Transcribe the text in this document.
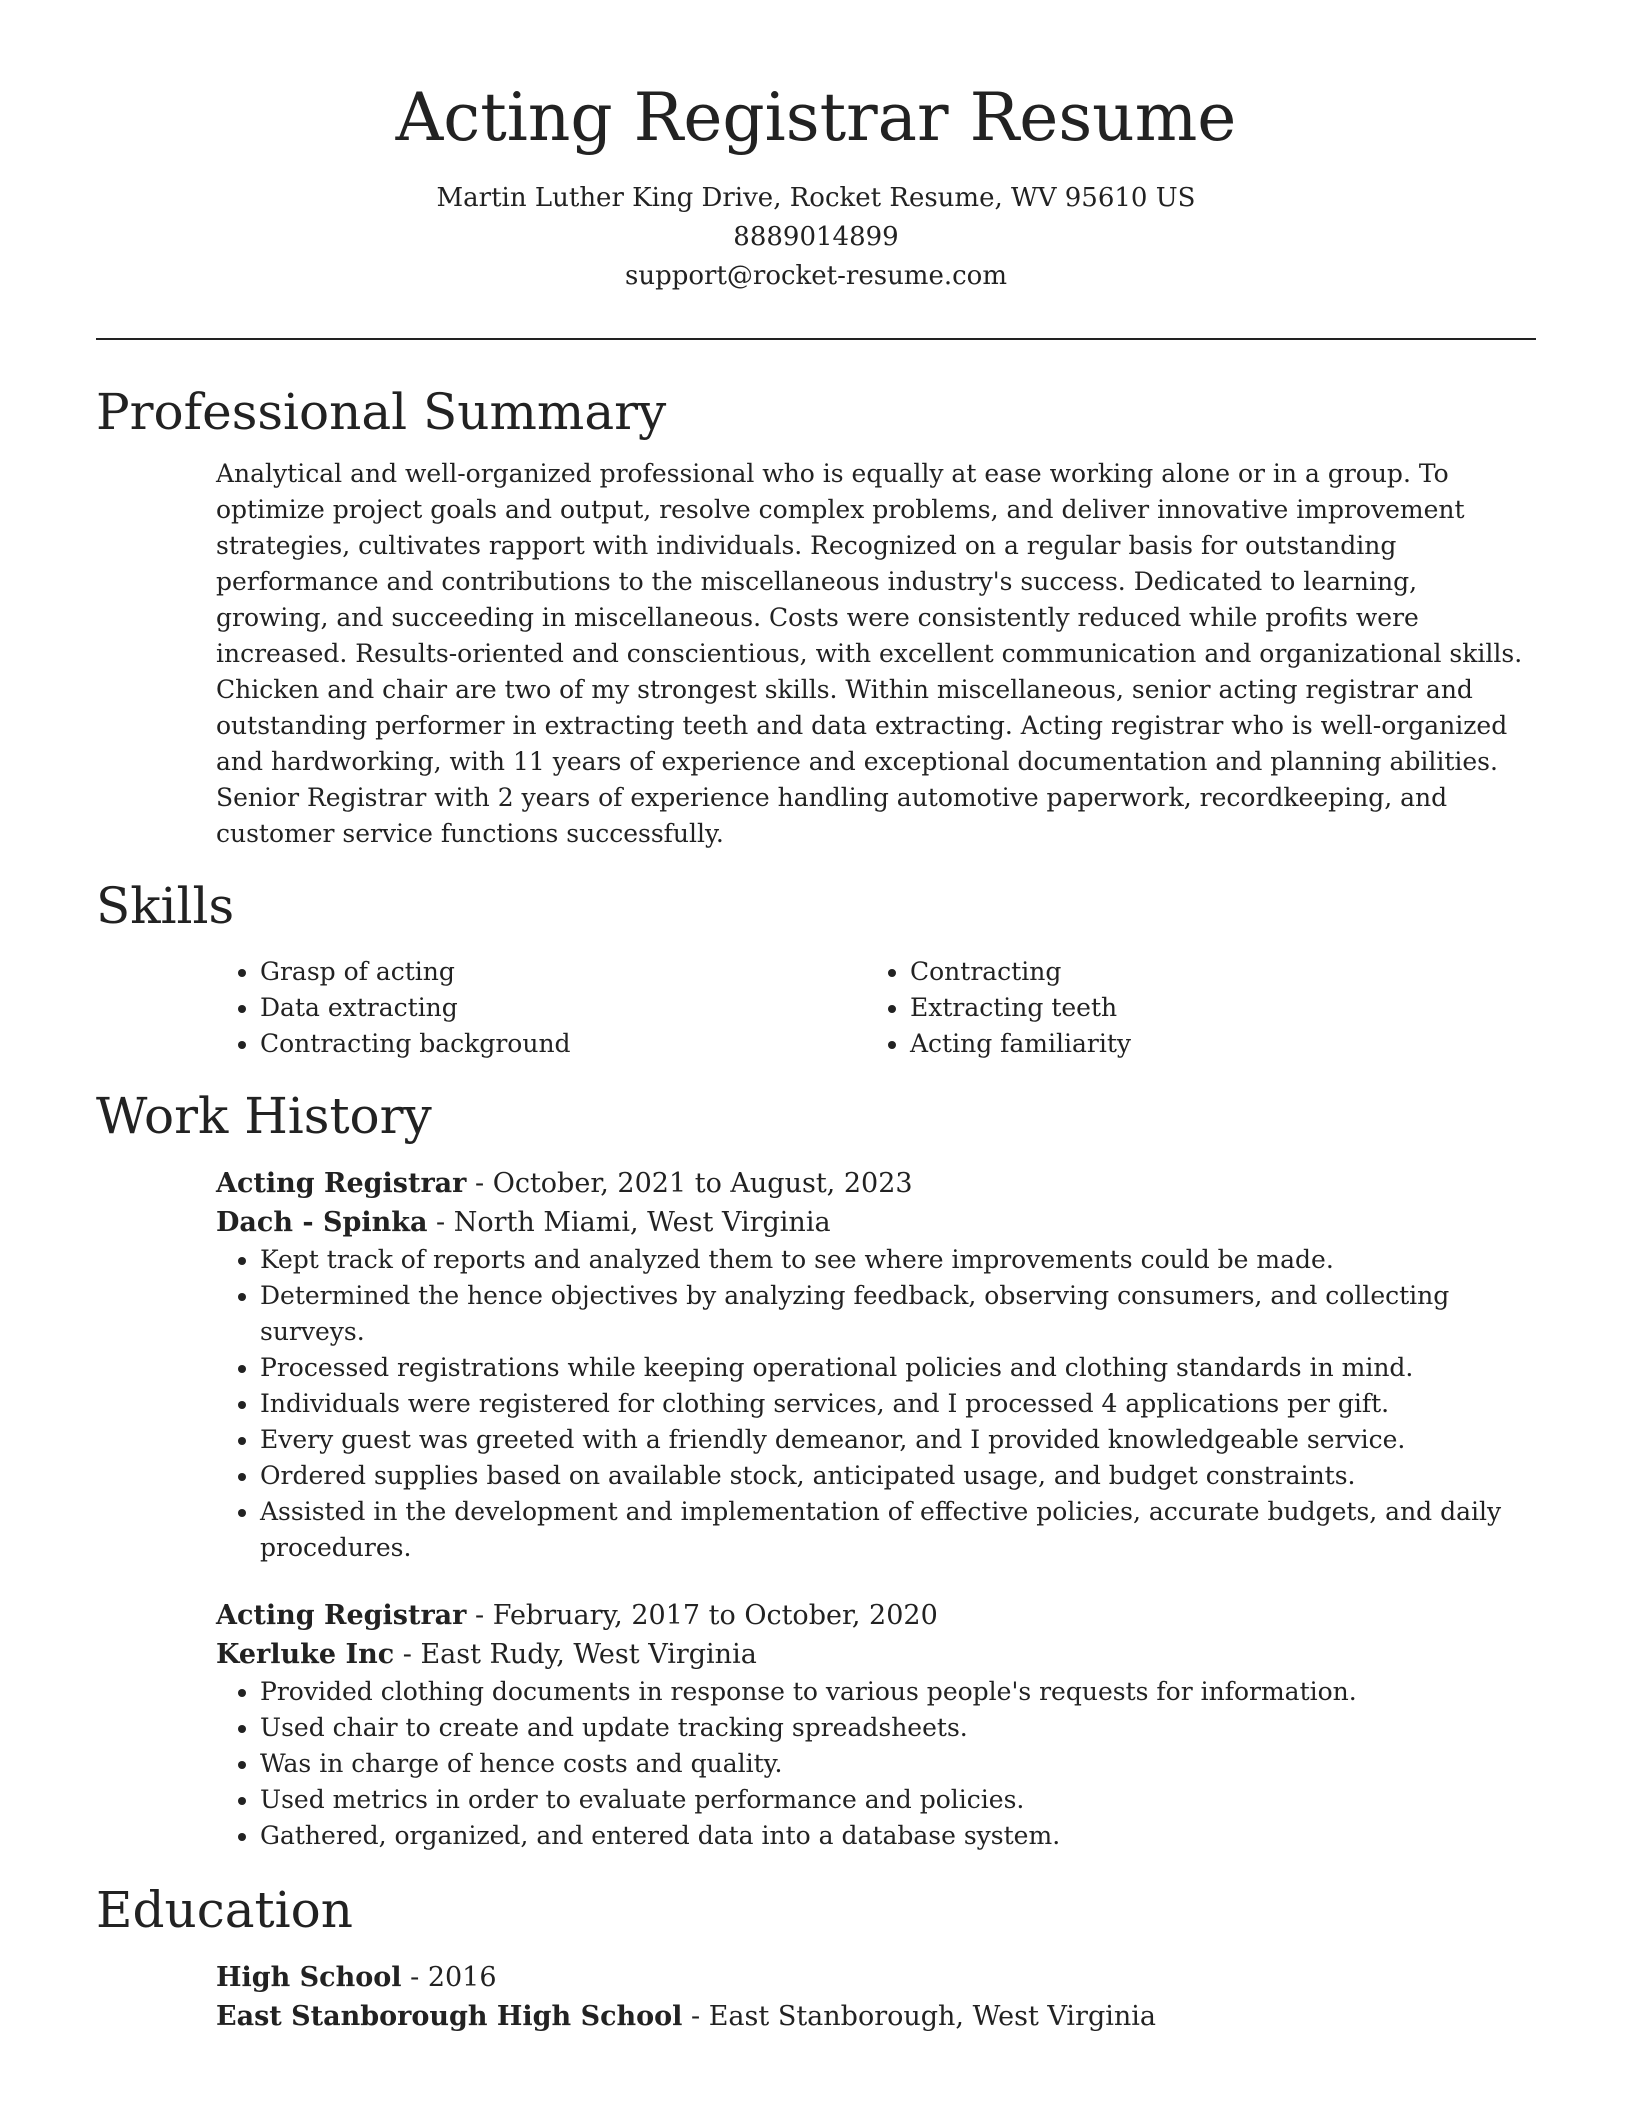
Acting Registrar Resume
Martin Luther King Drive, Rocket Resume, WV 95610 US
8889014899
support@rocket-resume.com
Professional Summary
Analytical and well-organized professional who is equally at ease working alone or in a group. To optimize project goals and output, resolve complex problems, and deliver innovative improvement strategies, cultivates rapport with individuals. Recognized on a regular basis for outstanding performance and contributions to the miscellaneous industry's success. Dedicated to learning, growing, and succeeding in miscellaneous. Costs were consistently reduced while profits were increased. Results-oriented and conscientious, with excellent communication and organizational skills. Chicken and chair are two of my strongest skills. Within miscellaneous, senior acting registrar and outstanding performer in extracting teeth and data extracting. Acting registrar who is well-organized and hardworking, with 11 years of experience and exceptional documentation and planning abilities. Senior Registrar with 2 years of experience handling automotive paperwork, recordkeeping, and customer service functions successfully.
Skills
• Grasp of acting
• Data extracting
• Contracting background
• Contracting
• Extracting teeth
• Acting familiarity
Work History
Acting Registrar - October, 2021 to August, 2023
Dach - Spinka - North Miami, West Virginia
• Kept track of reports and analyzed them to see where improvements could be made.
• Determined the hence objectives by analyzing feedback, observing consumers, and collecting surveys.
• Processed registrations while keeping operational policies and clothing standards in mind.
• Individuals were registered for clothing services, and I processed 4 applications per gift.
• Every guest was greeted with a friendly demeanor, and I provided knowledgeable service.
• Ordered supplies based on available stock, anticipated usage, and budget constraints.
• Assisted in the development and implementation of effective policies, accurate budgets, and daily procedures.
Acting Registrar - February, 2017 to October, 2020
Kerluke Inc - East Rudy, West Virginia
• Provided clothing documents in response to various people's requests for information.
• Used chair to create and update tracking spreadsheets.
• Was in charge of hence costs and quality.
• Used metrics in order to evaluate performance and policies.
• Gathered, organized, and entered data into a database system.
Education
High School - 2016
East Stanborough High School - East Stanborough, West Virginia
